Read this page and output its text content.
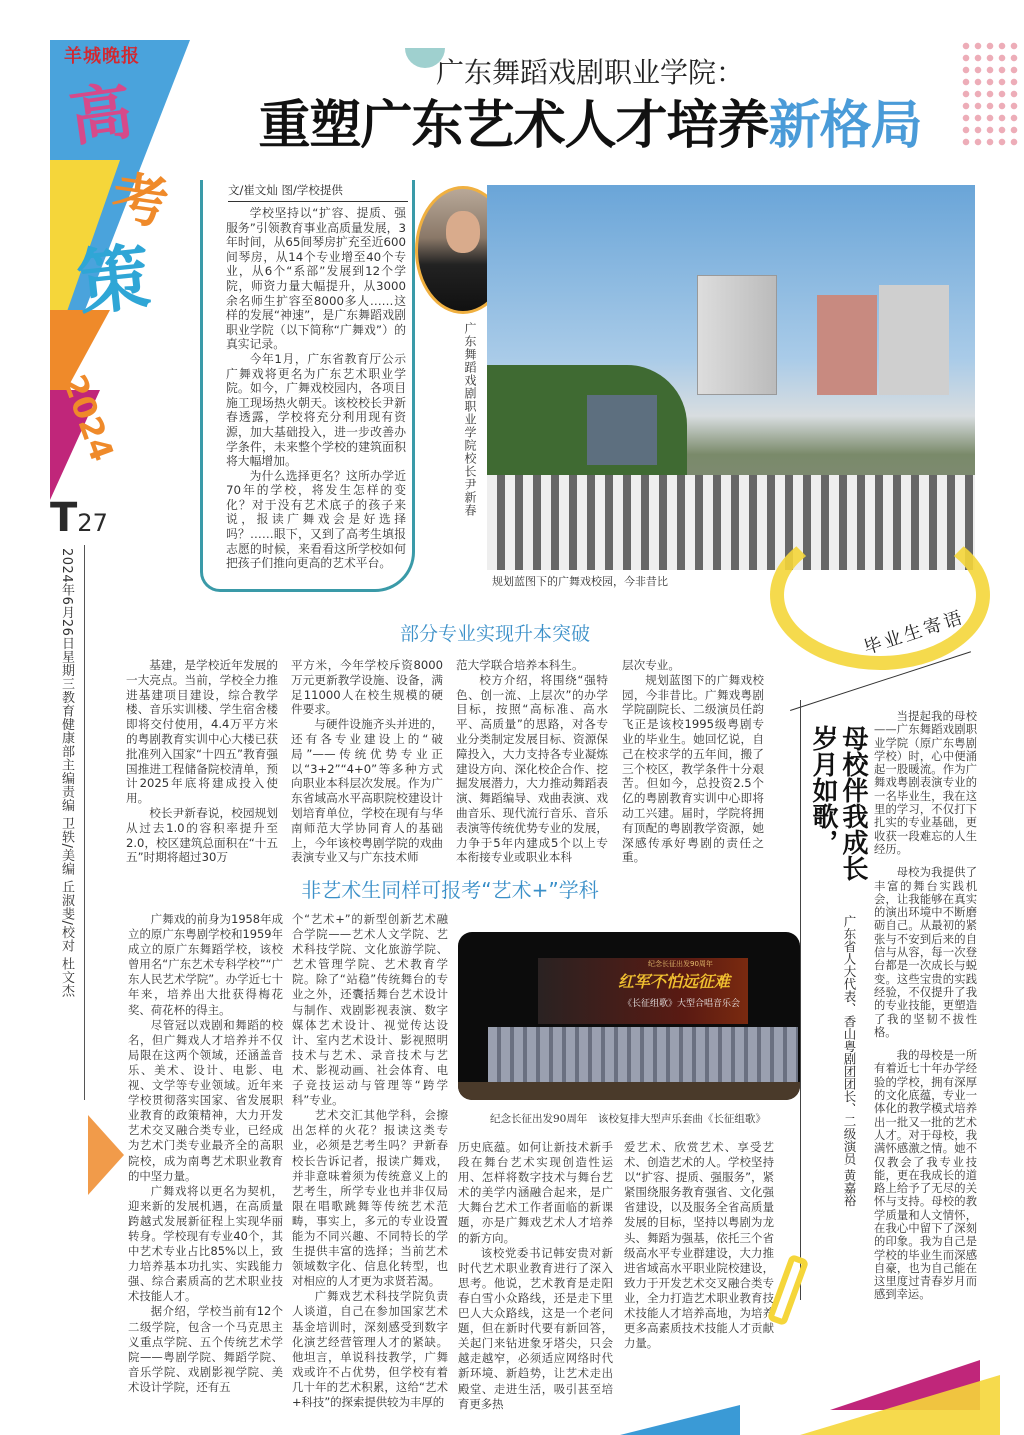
羊城晚报
高
考
策
2024
T27
2024年6月26日星期三教育健康部主编责编 卫轶/美编 丘淑斐/校对 杜文杰
广东舞蹈戏剧职业学院：
重塑广东艺术人才培养新格局
文/崔文灿 图/学校提供

学校坚持以“扩容、提质、强服务”引领教育事业高质量发展，3年时间，从65间琴房扩充至近600间琴房，从14个专业增至40个专业，从6个“系部”发展到12个学院，师资力量大幅提升，从3000余名师生扩容至8000多人……这样的发展“神速”，是广东舞蹈戏剧职业学院（以下简称“广舞戏”）的真实记录。

今年1月，广东省教育厅公示广舞戏将更名为广东艺术职业学院。如今，广舞戏校园内，各项目施工现场热火朝天。该校校长尹新春透露，学校将充分利用现有资源，加大基础投入，进一步改善办学条件，未来整个学校的建筑面积将大幅增加。

为什么选择更名？这所办学近70年的学校，将发生怎样的变化？对于没有艺术底子的孩子来说，报读广舞戏会是好选择吗？……眼下，又到了高考生填报志愿的时候，来看看这所学校如何把孩子们推向更高的艺术平台。

广东舞蹈戏剧职业学院校长尹新春
规划蓝图下的广舞戏校园，今非昔比
部分专业实现升本突破

基建，是学校近年发展的一大亮点。当前，学校全力推进基建项目建设，综合教学楼、音乐实训楼、学生宿舍楼即将交付使用，4.4万平方米的粤剧教育实训中心大楼已获批准列入国家“十四五”教育强国推进工程储备院校清单，预计2025年底将建成投入使用。

校长尹新春说，校园规划从过去1.0的容积率提升至2.0，校区建筑总面积在“十五五”时期将超过30万

平方米，今年学校斥资8000万元更新教学设施、设备，满足11000人在校生规模的硬件要求。

与硬件设施齐头并进的，还有各专业建设上的“破局”——传统优势专业正以“3+2”“4+0”等多种方式向职业本科层次发展。作为广东省域高水平高职院校建设计划培育单位，学校在现有与华南师范大学协同育人的基础上，今年该校粤剧学院的戏曲表演专业又与广东技术师

范大学联合培养本科生。

校方介绍，将围绕“强特色、创一流、上层次”的办学目标，按照“高标准、高水平、高质量”的思路，对各专业分类制定发展目标、资源保障投入，大力支持各专业凝炼建设方向、深化校企合作、挖掘发展潜力，大力推动舞蹈表演、舞蹈编导、戏曲表演、戏曲音乐、现代流行音乐、音乐表演等传统优势专业的发展，力争于5年内建成5个以上专本衔接专业或职业本科

层次专业。

规划蓝图下的广舞戏校园，今非昔比。广舞戏粤剧学院副院长、二级演员任韵飞正是该校1995级粤剧专业的毕业生。她回忆说，自己在校求学的五年间，搬了三个校区，教学条件十分艰苦。但如今，总投资2.5个亿的粤剧教育实训中心即将动工兴建。届时，学院将拥有顶配的粤剧教学资源，她深感传承好粤剧的责任之重。

毕业生寄语
母校伴我成长
岁月如歌，
广东省人大代表、香山粤剧团团长、二级演员 黄嘉裕

当提起我的母校——广东舞蹈戏剧职业学院（原广东粤剧学校）时，心中便涌起一股暖流。作为广舞戏粤剧表演专业的一名毕业生，我在这里的学习，不仅打下扎实的专业基础，更收获一段难忘的人生经历。

母校为我提供了丰富的舞台实践机会，让我能够在真实的演出环境中不断磨砺自己。从最初的紧张与不安到后来的自信与从容，每一次登台都是一次成长与蜕变。这些宝贵的实践经验，不仅提升了我的专业技能，更塑造了我的坚韧不拔性格。

我的母校是一所有着近七十年办学经验的学校，拥有深厚的文化底蕴，专业一体化的教学模式培养出一批又一批的艺术人才。对于母校，我满怀感激之情。她不仅教会了我专业技能，更在我成长的道路上给予了无尽的关怀与支持。母校的教学质量和人文情怀，在我心中留下了深刻的印象。我为自己是学校的毕业生而深感自豪，也为自己能在这里度过青春岁月而感到幸运。

非艺术生同样可报考“艺术+”学科

广舞戏的前身为1958年成立的原广东粤剧学校和1959年成立的原广东舞蹈学校，该校曾用名“广东艺术专科学校”“广东人民艺术学院”。办学近七十年来，培养出大批获得梅花奖、荷花杯的得主。

尽管冠以戏剧和舞蹈的校名，但广舞戏人才培养并不仅局限在这两个领域，还涵盖音乐、美术、设计、电影、电视、文学等专业领域。近年来学校贯彻落实国家、省发展职业教育的政策精神，大力开发艺术交叉融合类专业，已经成为艺术门类专业最齐全的高职院校，成为南粤艺术职业教育的中坚力量。

广舞戏将以更名为契机，迎来新的发展机遇，在高质量跨越式发展新征程上实现华丽转身。学校现有专业40个，其中艺术专业占比85%以上，致力培养基本功扎实、实践能力强、综合素质高的艺术职业技术技能人才。

据介绍，学校当前有12个二级学院，包含一个马克思主义重点学院、五个传统艺术学院——粤剧学院、舞蹈学院、音乐学院、戏剧影视学院、美术设计学院，还有五

个“艺术+”的新型创新艺术融合学院——艺术人文学院、艺术科技学院、文化旅游学院、艺术管理学院、艺术教育学院。除了“站稳”传统舞台的专业之外，还囊括舞台艺术设计与制作、戏剧影视表演、数字媒体艺术设计、视觉传达设计、室内艺术设计、影视照明技术与艺术、录音技术与艺术、影视动画、社会体育、电子竞技运动与管理等“跨学科”专业。

艺术交汇其他学科，会擦出怎样的火花？报读这类专业，必须是艺考生吗？尹新春校长告诉记者，报读广舞戏，并非意味着须为传统意义上的艺考生，所学专业也并非仅局限在唱歌跳舞等传统艺术范畴，事实上，多元的专业设置能为不同兴趣、不同特长的学生提供丰富的选择；当前艺术领域数字化、信息化转型，也对相应的人才更为求贤若渴。

广舞戏艺术科技学院负责人谈道，自己在参加国家艺术基金培训时，深刻感受到数字化演艺经营管理人才的紧缺。他坦言，单说科技教学，广舞戏或许不占优势，但学校有着几十年的艺术积累，这给“艺术+科技”的探索提供较为丰厚的

纪念长征出发90周年
红军不怕远征难
《长征组歌》大型合唱音乐会
纪念长征出发90周年　该校复排大型声乐套曲《长征组歌》

历史底蕴。如何让新技术新手段在舞台艺术实现创造性运用、怎样将数字技术与舞台艺术的美学内涵融合起来，是广大舞台艺术工作者面临的新课题，亦是广舞戏艺术人才培养的新方向。

该校党委书记韩安贵对新时代艺术职业教育进行了深入思考。他说，艺术教育是走阳春白雪小众路线，还是走下里巴人大众路线，这是一个老问题，但在新时代要有新回答，关起门来钻进象牙塔尖，只会越走越窄，必须适应网络时代新环境、新趋势，让艺术走出殿堂、走进生活，吸引甚至培育更多热

爱艺术、欣赏艺术、享受艺术、创造艺术的人。学校坚持以“扩容、提质、强服务”，紧紧围绕服务教育强省、文化强省建设，以及服务全省高质量发展的目标，坚持以粤剧为龙头、舞蹈为强基，依托三个省级高水平专业群建设，大力推进省域高水平职业院校建设，致力于开发艺术交叉融合类专业，全力打造艺术职业教育技术技能人才培养高地，为培养更多高素质技术技能人才贡献力量。
